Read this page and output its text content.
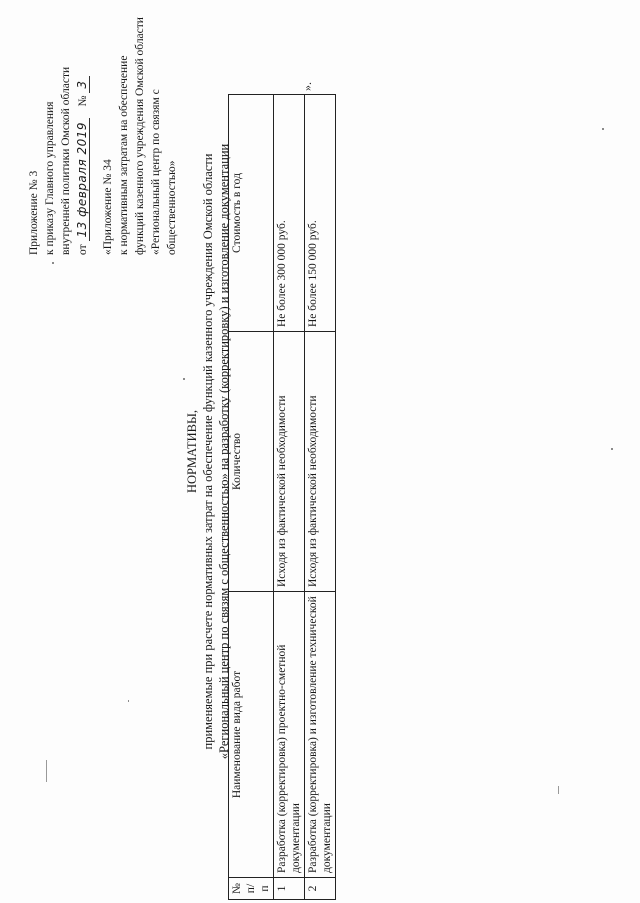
Приложение № 3 к приказу Главного управления внутренней политики Омской области от 13 февраля 2019    № 3
«Приложение № 34 к нормативным затратам на обеспечение функций казенного учреждения Омской области «Региональный центр по связям с общественностью»
НОРМАТИВЫ, применяемые при расчете нормативных затрат на обеспечение функций казенного учреждения Омской области «Региональный центр по связям с общественностью» на разработку (корректировку) и изготовление документации
№ п/п	Наименование вида работ	Количество	Стоимость в год
1	Разработка (корректировка) проектно-сметной документации	Исходя из фактической необходимости	Не более 300 000 руб.
2	Разработка (корректировка) и изготовление технической документации	Исходя из фактической необходимости	Не более 150 000 руб.
».
